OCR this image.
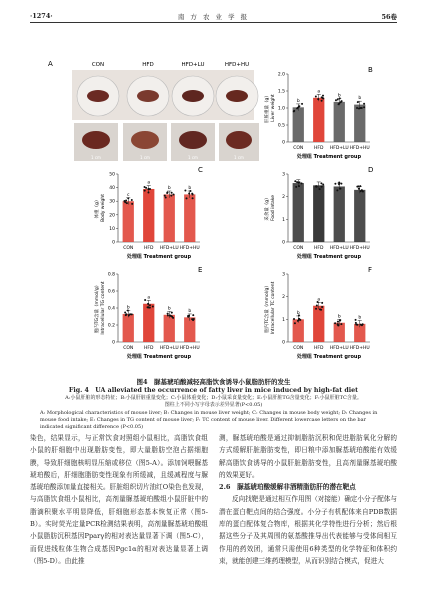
·1274·	南 方 农 业 学 报	56卷
A	CON	HFD	HFD+LU	HFD+HU
1 cm	1 cm	1 cm	1 cm
B
0
0.5
1.0
1.5
2.0
肝脏重量（g） Liver weight	b
CON
a
HFD
b
HFD+LU
b
HFD+HU
处理组 Treatment group
C
0
10
20
30
40
50
体重（g） Body weight	c
CON
a
HFD
b
HFD+LU
b
HFD+HU
处理组 Treatment group
D
0
1
2
3
采食量（g） Food intake
CON HFD HFD+LU HFD+HU
处理组 Treatment group
E
0
0.2
0.4
0.6
0.8
胞内TG含量（mmol/g） Intracellular TG content	b
CON
a
HFD
b
HFD+LU
b
HFD+HU
处理组 Treatment group
F
0
1
2
3
胞内TC含量（mmol/g） Intracellular TC content	b
CON
a
HFD
b
HFD+LU
b
HFD+HU
处理组 Treatment group
图4　脲基琥珀酸减轻高脂饮食诱导小鼠脂肪肝的发生
Fig. 4　UA alleviated the occurrence of fatty liver in mice induced by high-fat diet
A:小鼠肝脏的形态特征；B:小鼠肝脏重量变化；C:小鼠体重变化；D:小鼠采食量变化；E:小鼠肝脏TG含量变化；F:小鼠肝脏TC含量。
图柱上不同小写字母表示差异显著(P<0.05)
A: Morphological characteristics of mouse liver; B: Changes in mouse liver weight; C: Changes in mouse body weight; D: Changes in mouse food intake; E: Changes in TG content of mouse liver; F: TC content of mouse liver. Different lowercase letters on the bar indicated significant difference (P<0.05)

染色，结果显示，与正常饮食对照组小鼠相比，高脂饮食组小鼠的肝细胞中出现脂肪变性，即大量脂肪空泡占据细胞膜，导致肝细胞核明显压缩或移位（图5-A）。添加饲喂脲基琥珀酸后，肝细胞脂肪变性现象有所缓减，且缓减程度与脲基琥珀酸添加量直接相关。肝脏组织切片油红O染色也发现，与高脂饮食组小鼠相比，高剂量脲基琥珀酸组小鼠肝脏中的脂滴积聚水平明显降低，肝细胞形态基本恢复正常（图5-B）。实时荧光定量PCR检测结果表明，高剂量脲基琥珀酸组小鼠脂肪沉积基因Pparγ的相对表达量显著下调（图5-C），而促进线粒体生物合成基因Pgc1α的相对表达量显著上调（图5-D）。由此推

测，脲基琥珀酸是通过抑制脂肪沉积和促进脂肪氧化分解的方式缓解肝脏脂肪变性，即日粮中添加脲基琥珀酸能有效缓解高脂饮食诱导的小鼠肝脏脂肪变性，且高剂量脲基琥珀酸的效果更好。

2.6　脲基琥珀酸缓解非酒精脂肪肝的潜在靶点

反向找靶是通过相互作用图（对接能）确定小分子配体与潜在蛋白靶点间的结合强度。小分子有机配体来自PDB数据库的蛋白配体复合物库，根据其化学特性进行分析；然后根据这些分子及其周围的氨基酸推导出代表能够与受体间相互作用的药效团，通常只需使用6种类型的化学特征和体积约束，就能创建三维药理模型，从而识别结合模式，促进大
